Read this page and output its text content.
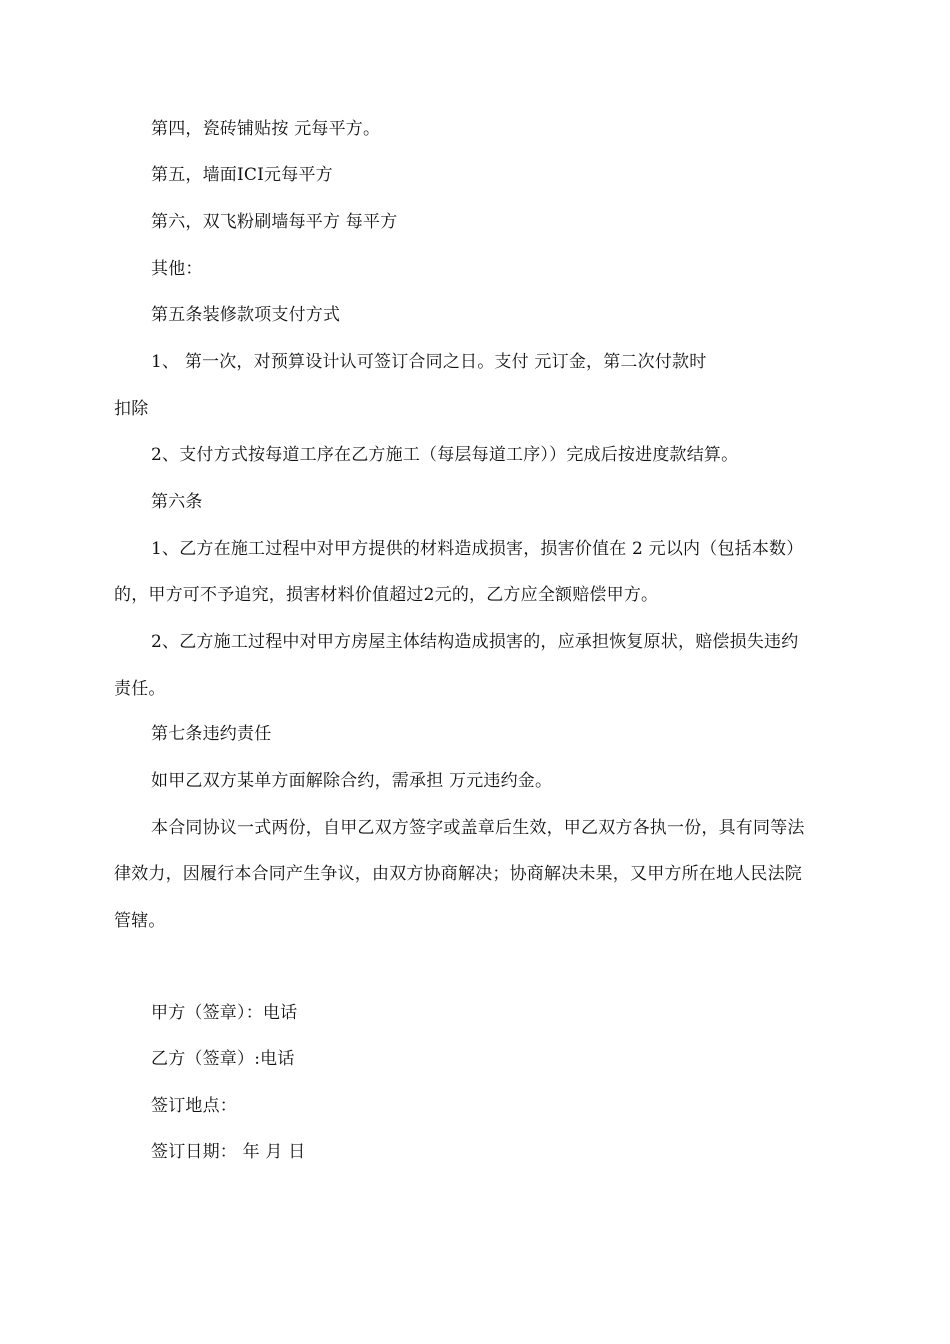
第四，瓷砖铺贴按 元每平方。
第五，墙面ICI元每平方
第六，双飞粉刷墙每平方 每平方
其他：
第五条装修款项支付方式
1、 第一次，对预算设计认可签订合同之日。支付 元订金，第二次付款时
扣除
2、支付方式按每道工序在乙方施工（每层每道工序））完成后按进度款结算。
第六条
1、乙方在施工过程中对甲方提供的材料造成损害，损害价值在 2 元以内（包括本数）
的，甲方可不予追究，损害材料价值超过2元的，乙方应全额赔偿甲方。
2、乙方施工过程中对甲方房屋主体结构造成损害的，应承担恢复原状，赔偿损失违约
责任。
第七条违约责任
如甲乙双方某单方面解除合约，需承担 万元违约金。
本合同协议一式两份，自甲乙双方签字或盖章后生效，甲乙双方各执一份，具有同等法
律效力，因履行本合同产生争议，由双方协商解决；协商解决未果，又甲方所在地人民法院
管辖。
甲方（签章）：电话
乙方（签章）:电话
签订地点：
签订日期： 年 月 日
